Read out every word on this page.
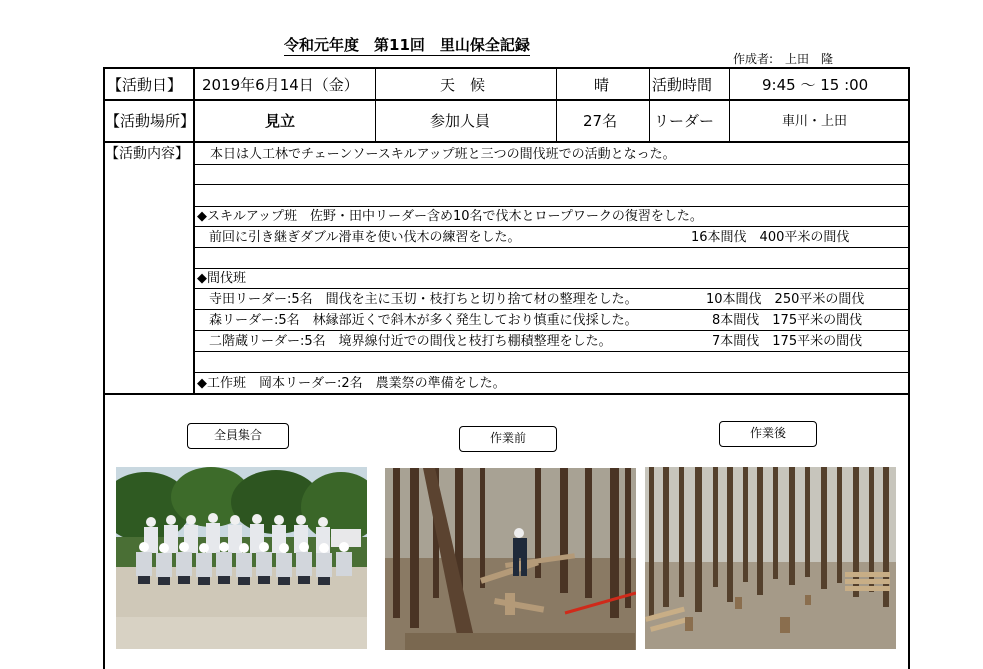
令和元年度　第11回　里山保全記録
作成者:　上田　隆
【活動日】 2019年6月14日（金）	天　候	晴	活動時間	9:45 〜 15 :00
【活動場所】	見立	参加人員	27名 リーダー	車川・上田
【活動内容】 本日は人工林でチェーンソースキルアップ班と三つの間伐班での活動となった。
◆スキルアップ班　佐野・田中リーダー含め10名で伐木とロープワークの復習をした。
前回に引き継ぎダブル滑車を使い伐木の練習をした。	16本間伐　400平米の間伐
◆間伐班
寺田リーダー:5名　間伐を主に玉切・枝打ちと切り捨て材の整理をした。	10本間伐　250平米の間伐
森リーダー:5名　林縁部近くで斜木が多く発生しており慎重に伐採した。	8本間伐　175平米の間伐
二階蔵リーダー:5名　境界線付近での間伐と枝打ち棚積整理をした。	7本間伐　175平米の間伐
◆工作班　岡本リーダー:2名　農業祭の準備をした。
全員集合	作業前	作業後
